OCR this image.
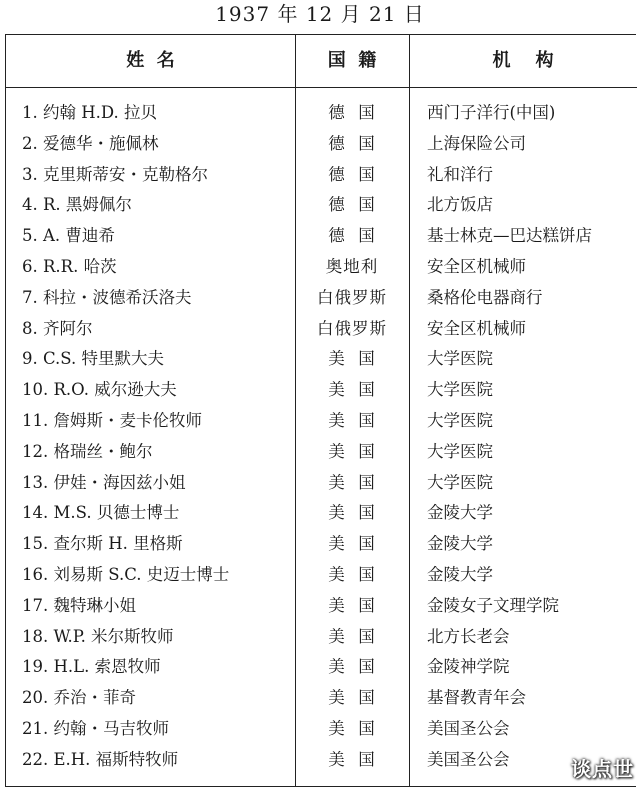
1937 年 12 月 21 日
姓  名	国  籍	机    构
1. 约翰 H.D. 拉贝	德  国	西门子洋行(中国)
2. 爱德华・施佩林	德  国	上海保险公司
3. 克里斯蒂安・克勒格尔	德  国	礼和洋行
4. R. 黑姆佩尔	德  国	北方饭店
5. A. 曹迪希	德  国	基士林克—巴达糕饼店
6. R.R. 哈茨	奥地利	安全区机械师
7. 科拉・波德希沃洛夫	白俄罗斯	桑格伦电器商行
8. 齐阿尔	白俄罗斯	安全区机械师
9. C.S. 特里默大夫	美  国	大学医院
10. R.O. 威尔逊大夫	美  国	大学医院
11. 詹姆斯・麦卡伦牧师	美  国	大学医院
12. 格瑞丝・鲍尔	美  国	大学医院
13. 伊娃・海因兹小姐	美  国	大学医院
14. M.S. 贝德士博士	美  国	金陵大学
15. 查尔斯 H. 里格斯	美  国	金陵大学
16. 刘易斯 S.C. 史迈士博士	美  国	金陵大学
17. 魏特琳小姐	美  国	金陵女子文理学院
18. W.P. 米尔斯牧师	美  国	北方长老会
19. H.L. 索恩牧师	美  国	金陵神学院
20. 乔治・菲奇	美  国	基督教青年会
21. 约翰・马吉牧师	美  国	美国圣公会
22. E.H. 福斯特牧师	美  国	美国圣公会	谈点世
